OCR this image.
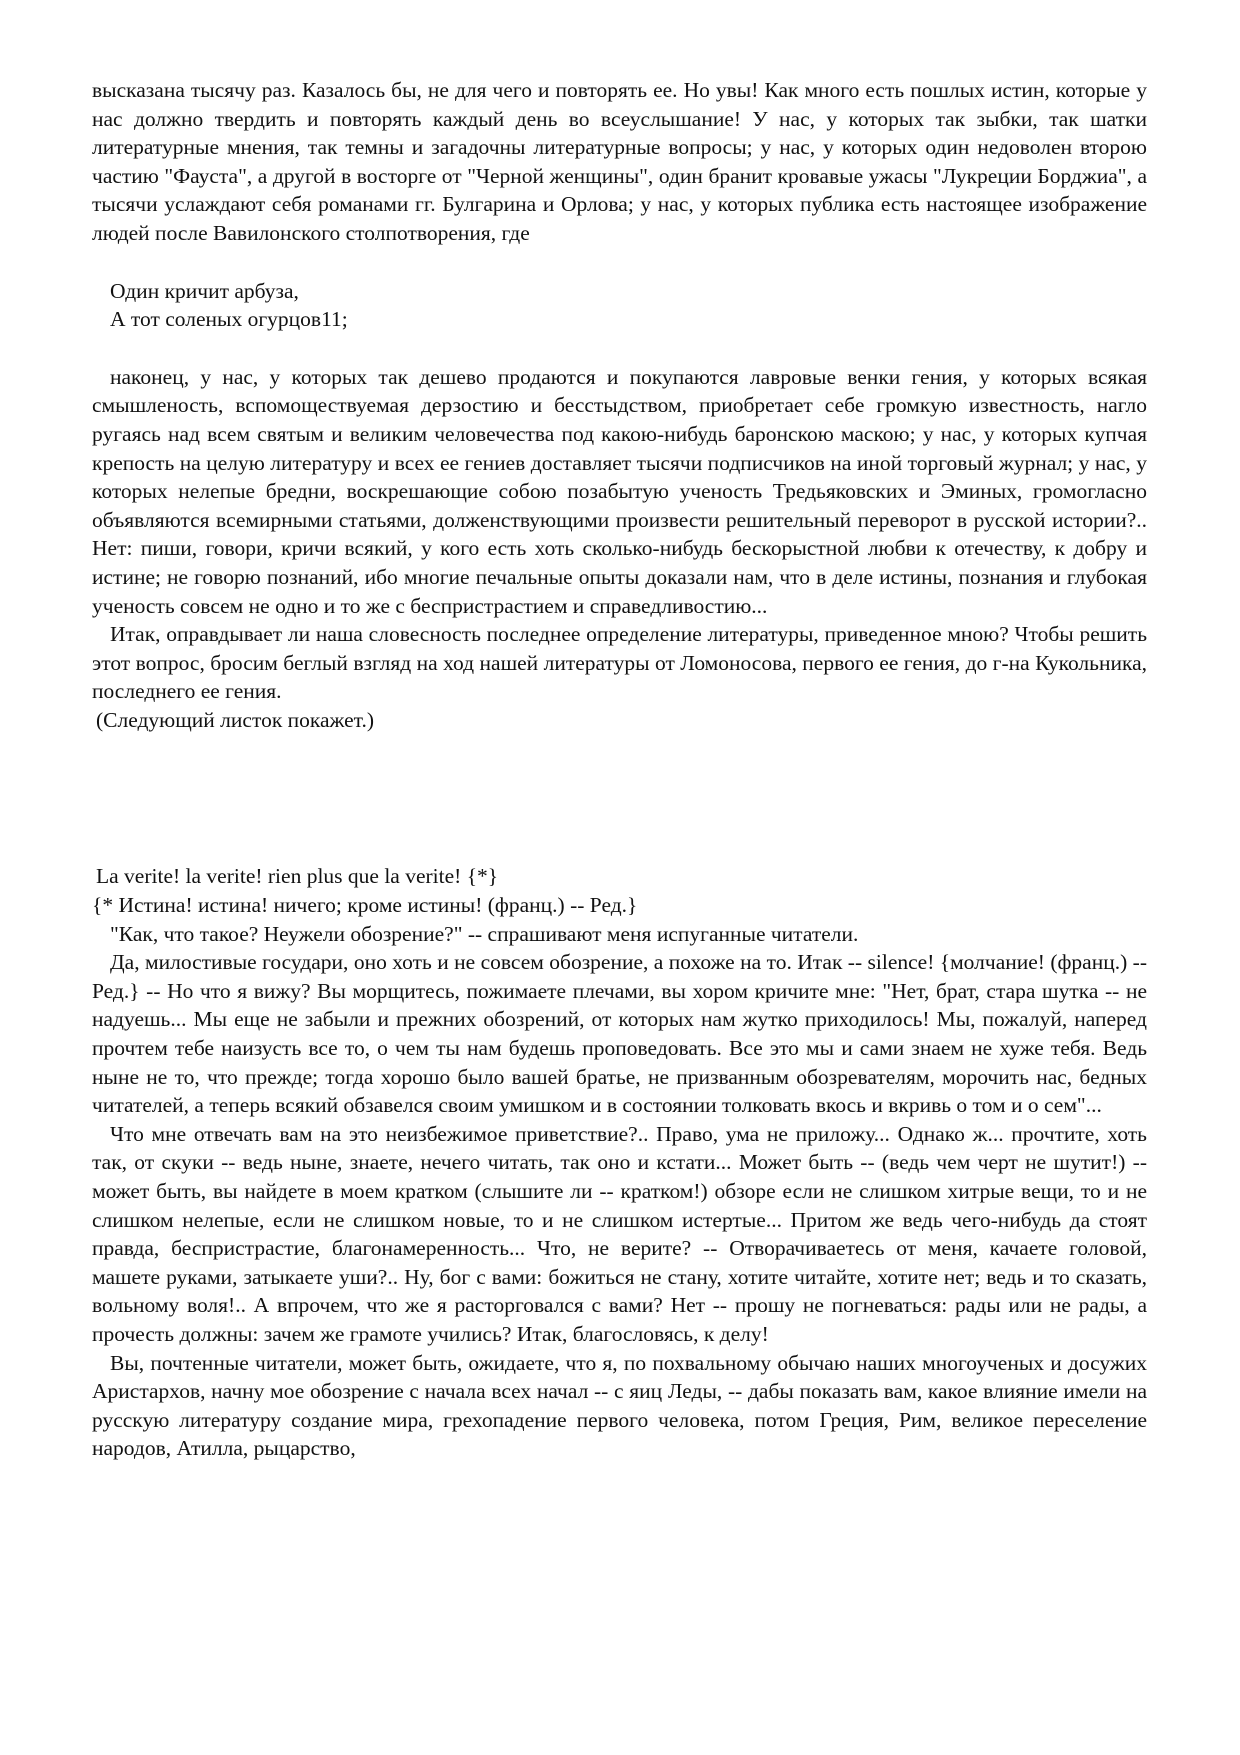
высказана тысячу раз. Казалось бы, не для чего и повторять ее. Но увы! Как много есть пошлых истин, которые у нас должно твердить и повторять каждый день во всеуслышание! У нас, у которых так зыбки, так шатки литературные мнения, так темны и загадочны литературные вопросы; у нас, у которых один недоволен второю частию "Фауста", а другой в восторге от "Черной женщины", один бранит кровавые ужасы "Лукреции Борджиа", а тысячи услаждают себя романами гг. Булгарина и Орлова; у нас, у которых публика есть настоящее изображение людей после Вавилонского столпотворения, где

Один кричит арбуза,
А тот соленых огурцов11;

наконец, у нас, у которых так дешево продаются и покупаются лавровые венки гения, у которых всякая смышленость, вспомоществуемая дерзостию и бесстыдством, приобретает себе громкую известность, нагло ругаясь над всем святым и великим человечества под какою-нибудь баронскою маскою; у нас, у которых купчая крепость на целую литературу и всех ее гениев доставляет тысячи подписчиков на иной торговый журнал; у нас, у которых нелепые бредни, воскрешающие собою позабытую ученость Тредьяковских и Эминых, громогласно объявляются всемирными статьями, долженствующими произвести решительный переворот в русской истории?.. Нет: пиши, говори, кричи всякий, у кого есть хоть сколько-нибудь бескорыстной любви к отечеству, к добру и истине; не говорю познаний, ибо многие печальные опыты доказали нам, что в деле истины, познания и глубокая ученость совсем не одно и то же с беспристрастием и справедливостию...

Итак, оправдывает ли наша словесность последнее определение литературы, приведенное мною? Чтобы решить этот вопрос, бросим беглый взгляд на ход нашей литературы от Ломоносова, первого ее гения, до г-на Кукольника, последнего ее гения.

(Следующий листок покажет.)

La verite! la verite! rien plus que la verite! {*}

{* Истина! истина! ничего; кроме истины! (франц.) -- Ред.}

"Как, что такое? Неужели обозрение?" -- спрашивают меня испуганные читатели.

Да, милостивые государи, оно хоть и не совсем обозрение, а похоже на то. Итак -- silence! {молчание! (франц.) -- Ред.} -- Но что я вижу? Вы морщитесь, пожимаете плечами, вы хором кричите мне: "Нет, брат, стара шутка -- не надуешь... Мы еще не забыли и прежних обозрений, от которых нам жутко приходилось! Мы, пожалуй, наперед прочтем тебе наизусть все то, о чем ты нам будешь проповедовать. Все это мы и сами знаем не хуже тебя. Ведь ныне не то, что прежде; тогда хорошо было вашей братье, не призванным обозревателям, морочить нас, бедных читателей, а теперь всякий обзавелся своим умишком и в состоянии толковать вкось и вкривь о том и о сем"...

Что мне отвечать вам на это неизбежимое приветствие?.. Право, ума не приложу... Однако ж... прочтите, хоть так, от скуки -- ведь ныне, знаете, нечего читать, так оно и кстати... Может быть -- (ведь чем черт не шутит!) -- может быть, вы найдете в моем кратком (слышите ли -- кратком!) обзоре если не слишком хитрые вещи, то и не слишком нелепые, если не слишком новые, то и не слишком истертые... Притом же ведь чего-нибудь да стоят правда, беспристрастие, благонамеренность... Что, не верите? -- Отворачиваетесь от меня, качаете головой, машете руками, затыкаете уши?.. Ну, бог с вами: божиться не стану, хотите читайте, хотите нет; ведь и то сказать, вольному воля!.. А впрочем, что же я расторговался с вами? Нет -- прошу не погневаться: рады или не рады, а прочесть должны: зачем же грамоте учились? Итак, благословясь, к делу!

Вы, почтенные читатели, может быть, ожидаете, что я, по похвальному обычаю наших многоученых и досужих Аристархов, начну мое обозрение с начала всех начал -- с яиц Леды, -- дабы показать вам, какое влияние имели на русскую литературу создание мира, грехопадение первого человека, потом Греция, Рим, великое переселение народов, Атилла, рыцарство,
